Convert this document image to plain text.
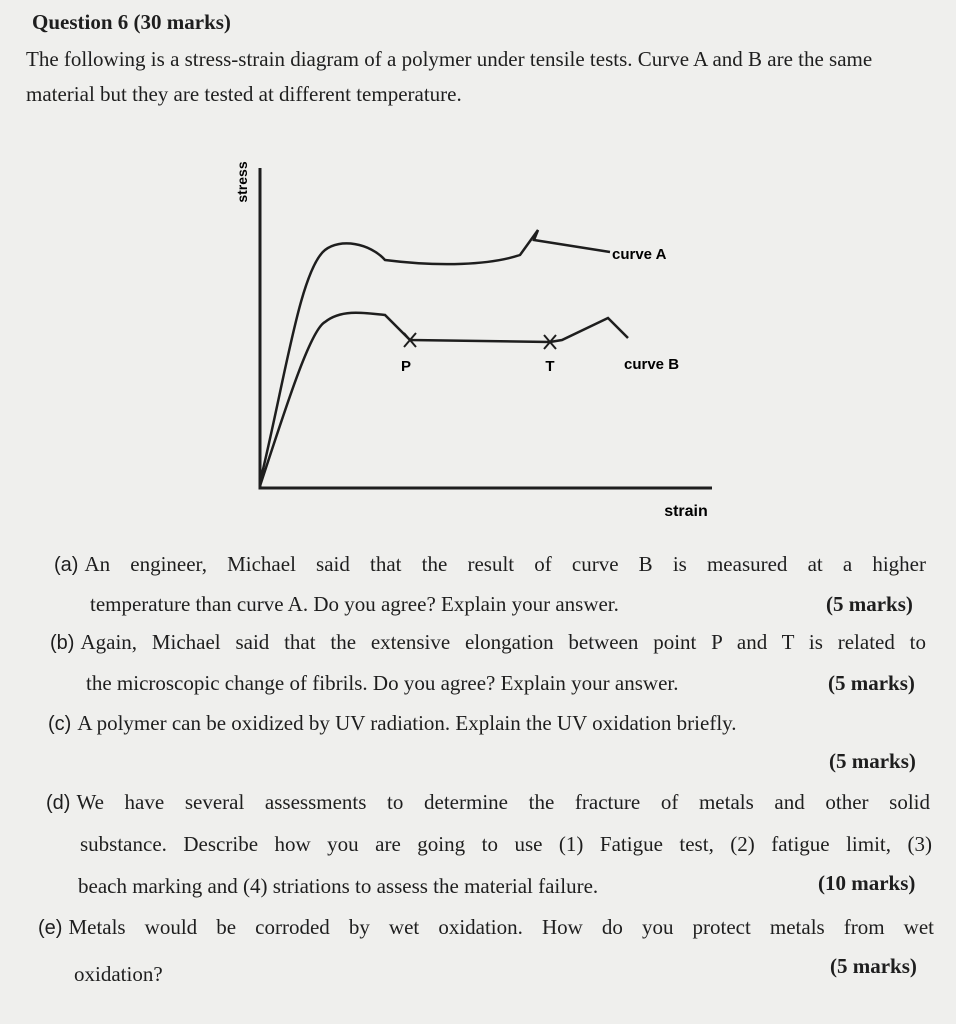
Question 6 (30 marks)
The following is a stress-strain diagram of a polymer under tensile tests. Curve A and B are the same material but they are tested at different temperature.
stress
strain
curve A
curve B
P	T
(a) An engineer, Michael said that the result of curve B is measured at a higher
temperature than curve A. Do you agree? Explain your answer.	(5 marks)
(b) Again, Michael said that the extensive elongation between point P and T is related to
the microscopic change of fibrils. Do you agree? Explain your answer.	(5 marks)
(c) A polymer can be oxidized by UV radiation. Explain the UV oxidation briefly.
(5 marks)
(d) We have several assessments to determine the fracture of metals and other solid
substance. Describe how you are going to use (1) Fatigue test, (2) fatigue limit, (3)
beach marking and (4) striations to assess the material failure.	(10 marks)
(e) Metals would be corroded by wet oxidation. How do you protect metals from wet
oxidation?	(5 marks)
